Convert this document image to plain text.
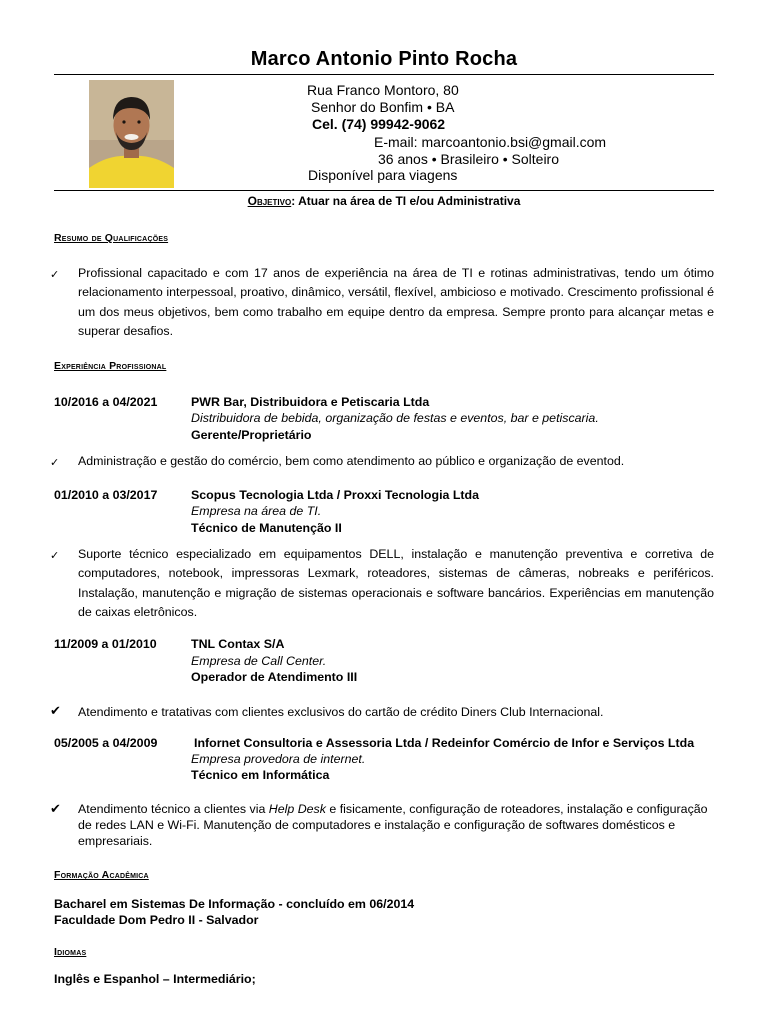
Marco Antonio Pinto Rocha
Rua Franco Montoro, 80
Senhor do Bonfim • BA
Cel. (74) 99942-9062
E-mail: marcoantonio.bsi@gmail.com
36 anos • Brasileiro • Solteiro
Disponível para viagens
Objetivo: Atuar na área de TI e/ou Administrativa
Resumo de Qualificações
✓ Profissional capacitado e com 17 anos de experiência na área de TI e rotinas administrativas, tendo um ótimo relacionamento interpessoal, proativo, dinâmico, versátil, flexível, ambicioso e motivado. Crescimento profissional é um dos meus objetivos, bem como trabalho em equipe dentro da empresa. Sempre pronto para alcançar metas e superar desafios.
Experiência Profissional
10/2016 a 04/2021	PWR Bar, Distribuidora e Petiscaria Ltda
Distribuidora de bebida, organização de festas e eventos, bar e petiscaria.
Gerente/Proprietário
✓ Administração e gestão do comércio, bem como atendimento ao público e organização de eventod.
01/2010 a 03/2017	Scopus Tecnologia Ltda / Proxxi Tecnologia Ltda
Empresa na área de TI.
Técnico de Manutenção II
✓ Suporte técnico especializado em equipamentos DELL, instalação e manutenção preventiva e corretiva de computadores, notebook, impressoras Lexmark, roteadores, sistemas de câmeras, nobreaks e periféricos. Instalação, manutenção e migração de sistemas operacionais e software bancários. Experiências em manutenção de caixas eletrônicos.
11/2009 a 01/2010	TNL Contax S/A
Empresa de Call Center.
Operador de Atendimento III
✔ Atendimento e tratativas com clientes exclusivos do cartão de crédito Diners Club Internacional.
05/2005 a 04/2009	Infornet Consultoria e Assessoria Ltda / Redeinfor Comércio de Infor e Serviços Ltda
Empresa provedora de internet.
Técnico em Informática
✔ Atendimento técnico a clientes via Help Desk e fisicamente, configuração de roteadores, instalação e configuração de redes LAN e Wi-Fi. Manutenção de computadores e instalação e configuração de softwares domésticos e empresariais.
Formação Acadêmica
Bacharel em Sistemas De Informação - concluído em 06/2014
Faculdade Dom Pedro II - Salvador
Idiomas
Inglês e Espanhol – Intermediário;
